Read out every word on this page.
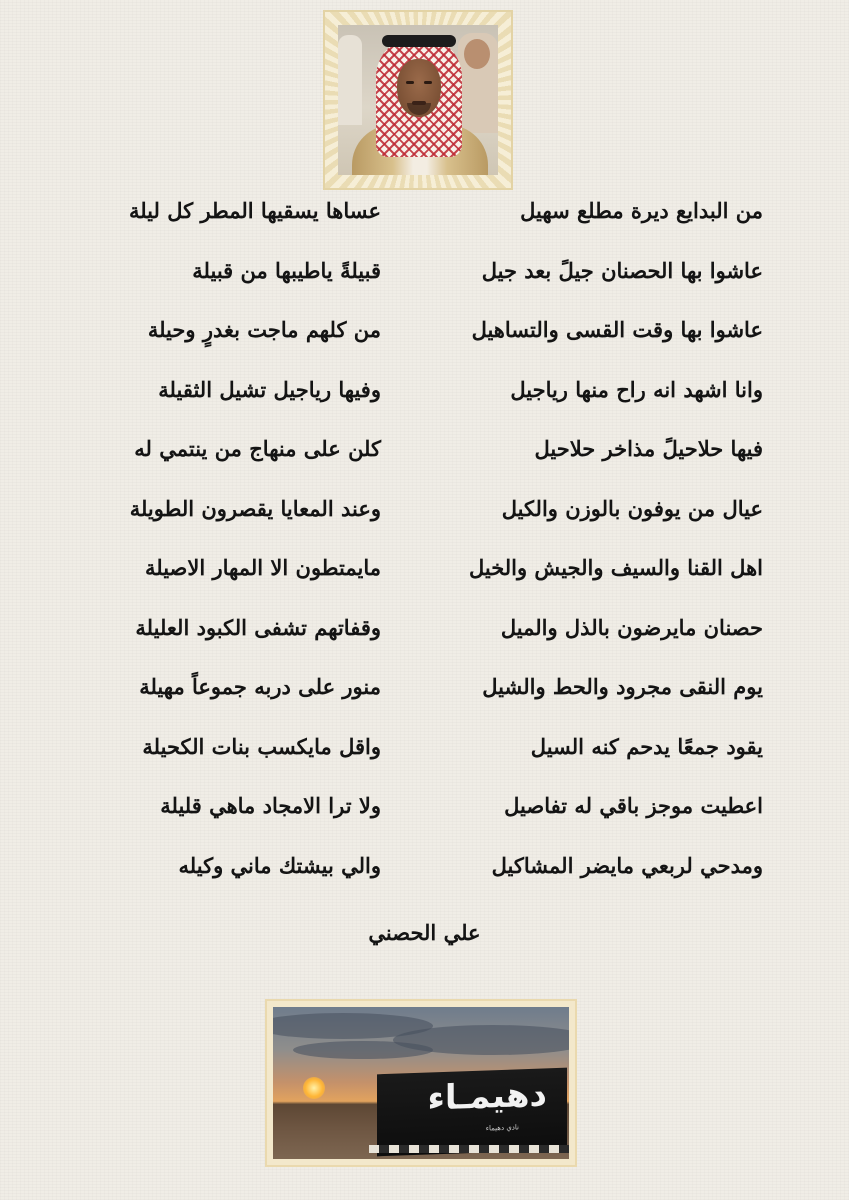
من البدايع ديرة مطلع سهيل
عساها يسقيها المطر كل ليلة
عاشوا بها الحصنان جيلً بعد جيل
قبيلةً ياطيبها من قبيلة
عاشوا بها وقت القسى والتساهيل
من كلهم ماجت بغدرٍ وحيلة
وانا اشهد انه راح منها رياجيل
وفيها رياجيل تشيل الثقيلة
فيها حلاحيلً مذاخر حلاحيل
كلن على منهاج من ينتمي له
عيال من يوفون بالوزن والكيل
وعند المعايا يقصرون الطويلة
اهل القنا والسيف والجيش والخيل
مايمتطون الا المهار الاصيلة
حصنان مايرضون بالذل والميل
وقفاتهم تشفى الكبود العليلة
يوم النقى مجرود والحط والشيل
منور على دربه جموعاً مهيلة
يقود جمعًا يدحم كنه السيل
واقل مايكسب بنات الكحيلة
اعطيت موجز باقي له تفاصيل
ولا ترا الامجاد ماهي قليلة
ومدحي لربعي مايضر المشاكيل
والي بيشتك ماني وكيله
علي الحصني
دهيمـاء
نادي دهيماء
